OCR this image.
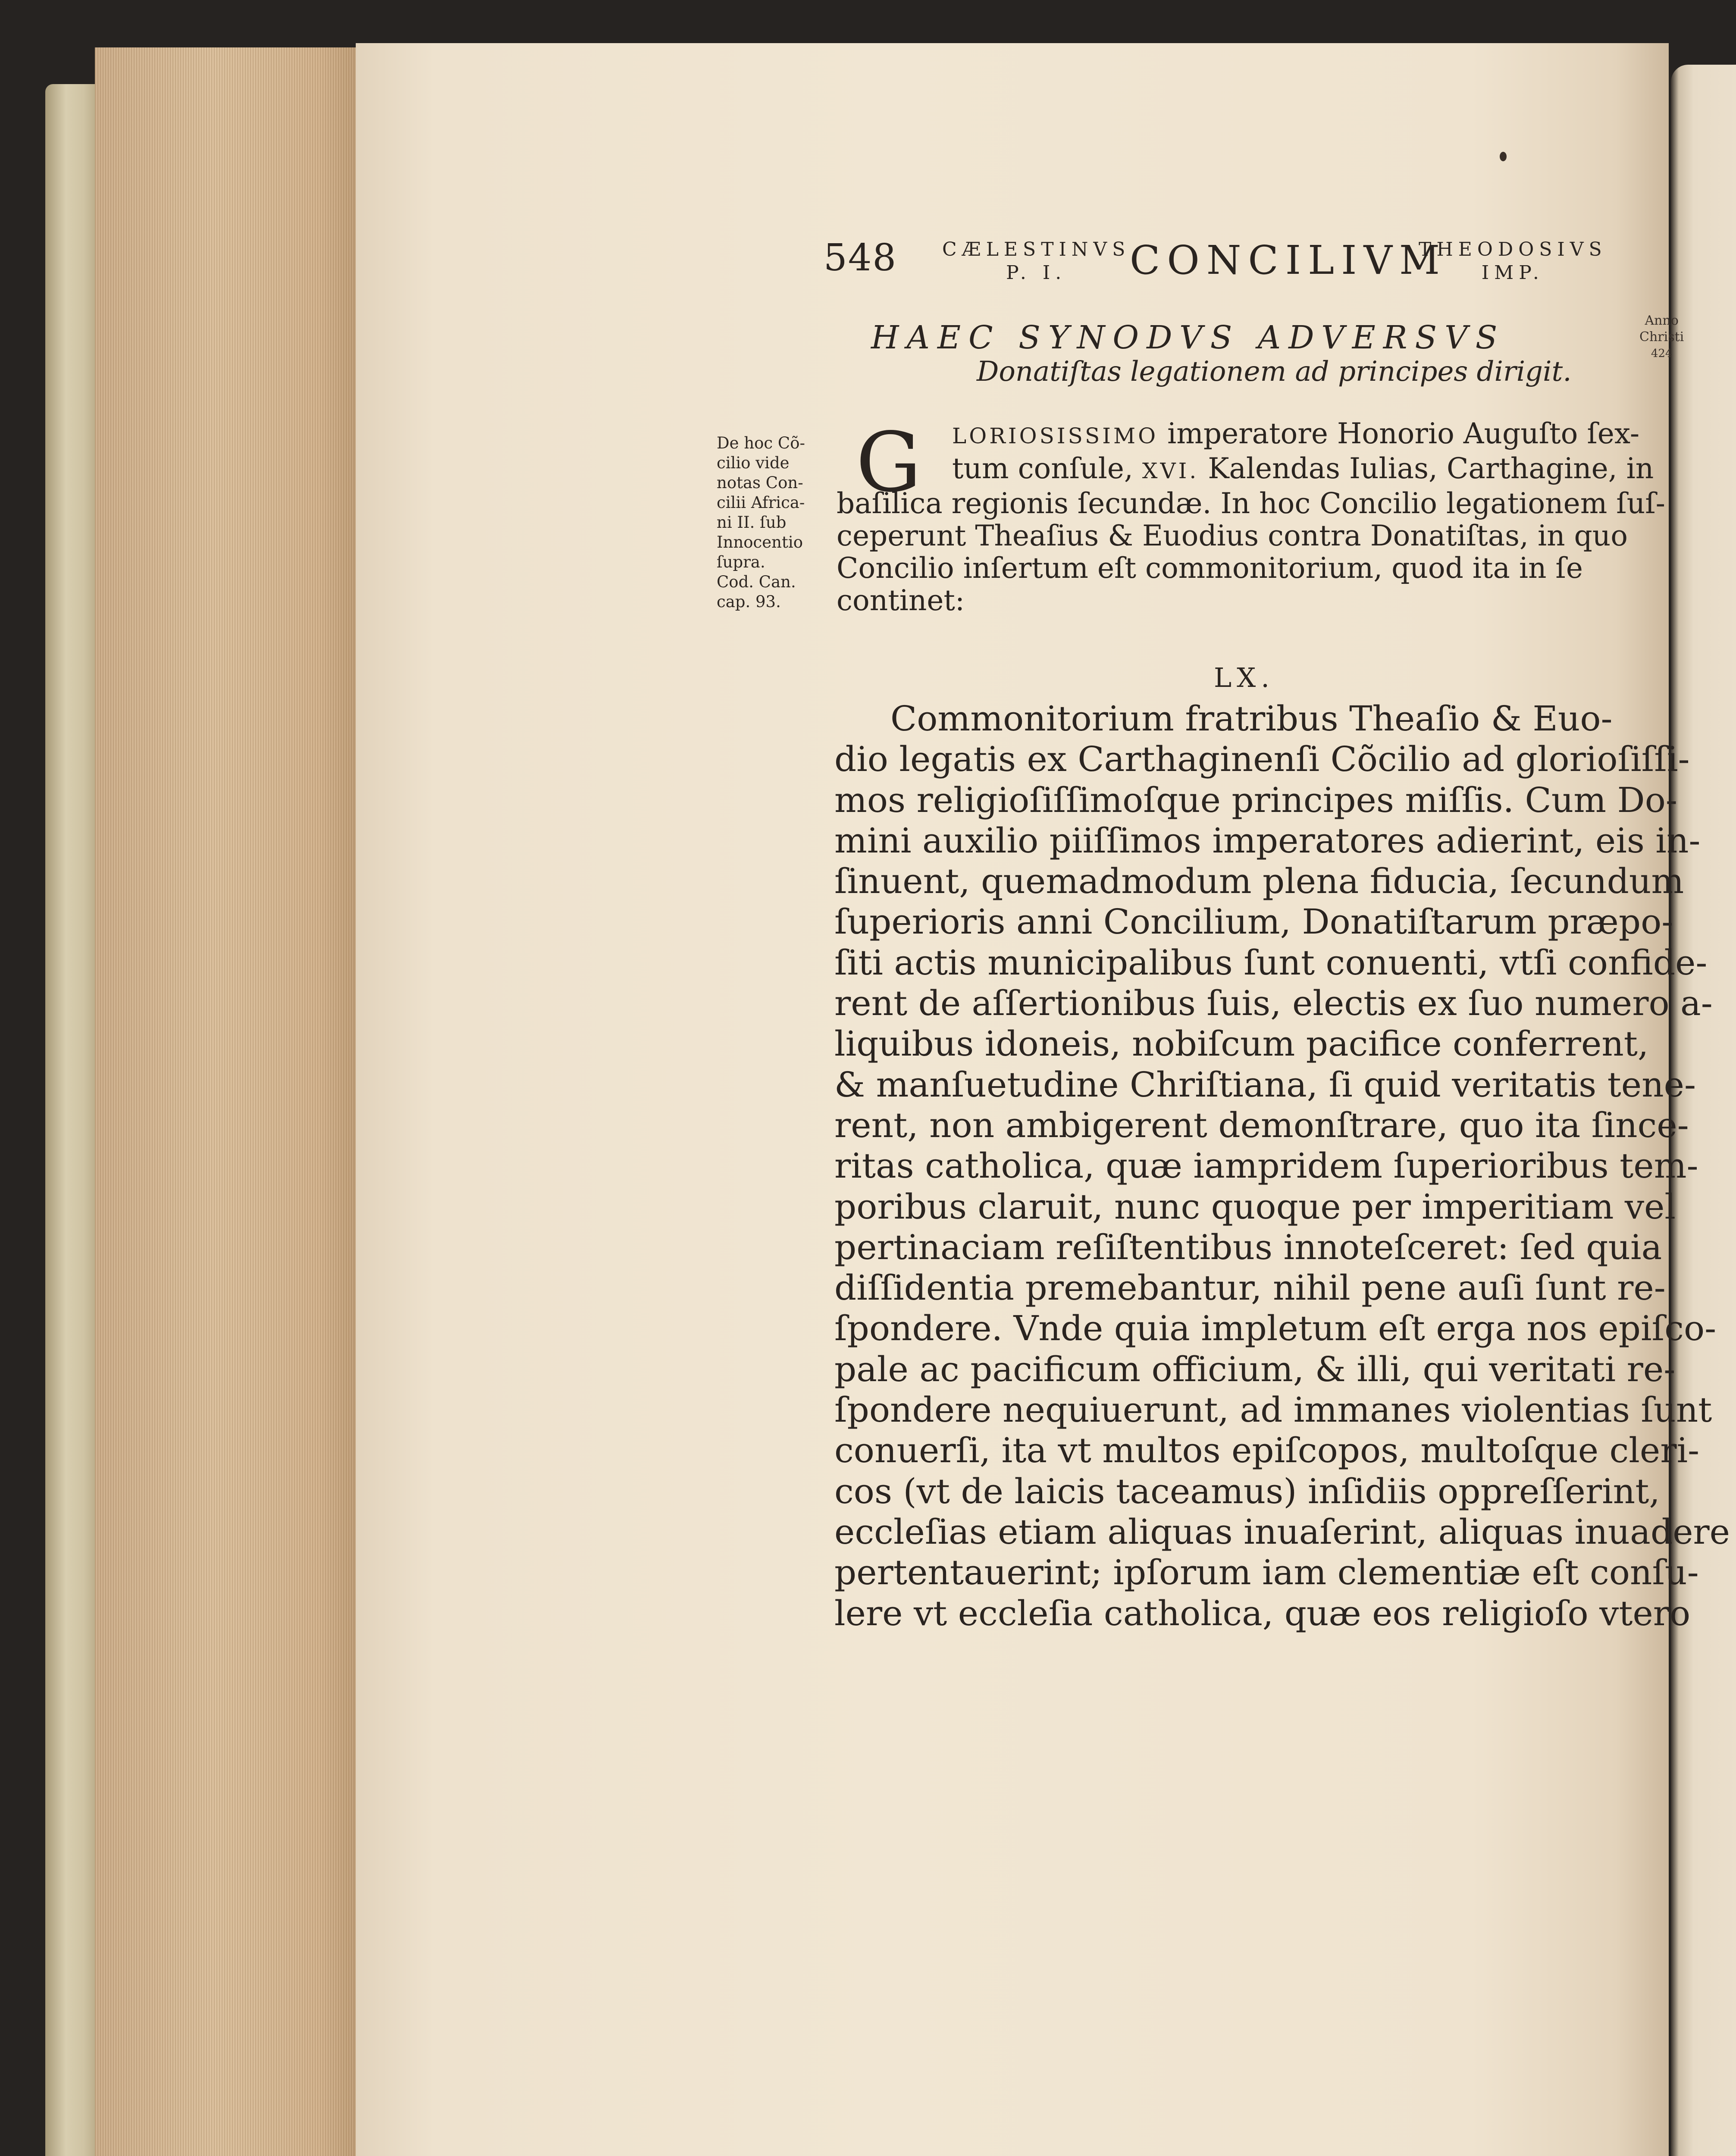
548 CÆLESTINVS
P. I.	CONCILIVM
THEODOSIVS
IMP.
Anno
Christi
424
HAEC SYNODVS ADVERSVS
Donatiſtas legationem ad principes dirigit.
De hoc Cõ-
cilio vide
notas Con-
cilii Africa-
ni II. ſub
Innocentio
ſupra.
Cod. Can.
cap. 93.
G	LORIOSISSIMO imperatore Honorio Auguſto ſex-
tum conſule, XVI. Kalendas Iulias, Carthagine, in
baſilica regionis ſecundæ. In hoc Concilio legationem ſuſ-
ceperunt Theaſius & Euodius contra Donatiſtas, in quo
Concilio inſertum eſt commonitorium, quod ita in ſe
continet:
LX.
Commonitorium fratribus Theaſio & Euo-
dio legatis ex Carthaginenſi Cõcilio ad glorioſiſſi-
mos religioſiſſimoſque principes miſſis. Cum Do-
mini auxilio piiſſimos imperatores adierint, eis in-
ſinuent, quemadmodum plena fiducia, ſecundum
ſuperioris anni Concilium, Donatiſtarum præpo-
ſiti actis municipalibus ſunt conuenti, vtſi confide-
rent de aſſertionibus ſuis, electis ex ſuo numero a-
liquibus idoneis, nobiſcum pacifice conferrent,
& manſuetudine Chriſtiana, ſi quid veritatis tene-
rent, non ambigerent demonſtrare, quo ita ſince-
ritas catholica, quæ iampridem ſuperioribus tem-
poribus claruit, nunc quoque per imperitiam vel
pertinaciam reſiſtentibus innoteſceret: ſed quia
diſſidentia premebantur, nihil pene auſi ſunt re-
ſpondere. Vnde quia impletum eſt erga nos epiſco-
pale ac pacificum officium, & illi, qui veritati re-
ſpondere nequiuerunt, ad immanes violentias ſunt
conuerſi, ita vt multos epiſcopos, multoſque cleri-
cos (vt de laicis taceamus) inſidiis oppreſſerint,
eccleſias etiam aliquas inuaſerint, aliquas inuadere
pertentauerint; ipſorum iam clementiæ eſt conſu-
lere vt eccleſia catholica, quæ eos religioſo vtero
